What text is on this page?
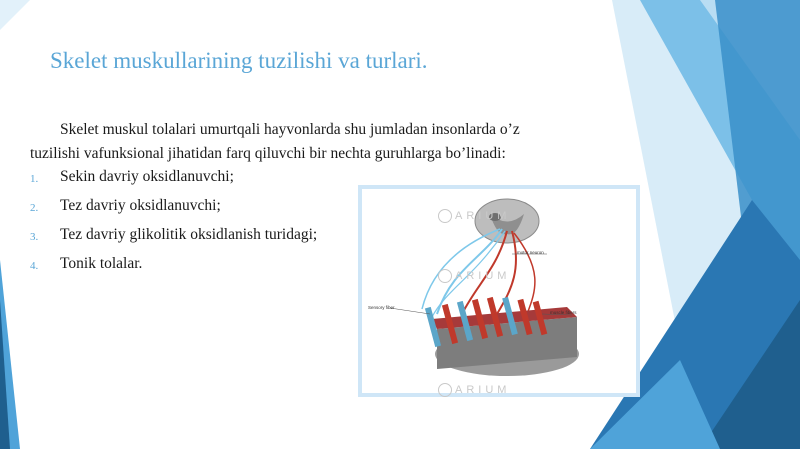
Skelet muskullarining tuzilishi va turlari.
Skelet muskul tolalari umurtqali hayvonlarda shu jumladan insonlarda o’z
tuzilishi vafunksional jihatidan farq qiluvchi bir nechta guruhlarga bo’linadi:
1. Sekin davriy oksidlanuvchi;
2. Tez davriy oksidlanuvchi;
3. Tez davriy glikolitik oksidlanish turidagi;
4. Tonik tolalar.
ARIUM
ARIUM
ARIUM
Sensory fiber
muscle fibers
motor neuron
